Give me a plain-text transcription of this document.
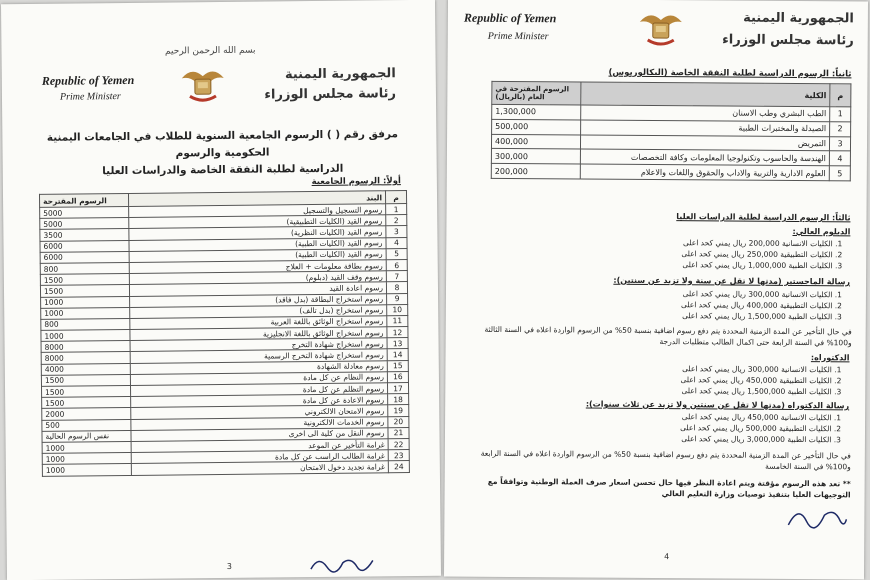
بسم الله الرحمن الرحيم
Republic of Yemen
Prime Minister
الجمهورية اليمنية
رئاسة مجلس الوزراء
مرفق رقم ( ) الرسوم الجامعية السنوية للطلاب في الجامعات اليمنية الحكومية والرسوم
الدراسية لطلبة النفقة الخاصة والدراسات العليا
أولاً: الرسوم الجامعية
الرسوم المقترحة	البند	م
5000	رسوم التسجيل والتسجيل	1
5000	رسوم القيد (الكليات التطبيقية)	2
3500	رسوم القيد (الكليات النظرية)	3
6000	رسوم القيد (الكليات الطبية)	4
6000	رسوم القيد (الكليات الطبية)	5
800	رسوم بطاقة معلومات + العلاج	6
1500	رسوم وقف القيد (دبلوم)	7
1500	رسوم اعادة القيد	8
1000	رسوم استخراج البطاقة (بدل فاقد)	9
1000	رسوم استخراج (بدل تالف)	10
800	رسوم استخراج الوثائق باللغة العربية	11
1000	رسوم استخراج الوثائق باللغة الانجليزية	12
8000	رسوم استخراج شهادة التخرج	13
8000	رسوم استخراج شهادة التخرج الرسمية	14
4000	رسوم معادلة الشهادة	15
1500	رسوم النظام عن كل مادة	16
1500	رسوم التظلم عن كل مادة	17
1500	رسوم الاعادة عن كل مادة	18
2000	رسوم الامتحان الالكتروني	19
500	رسوم الخدمات الالكترونية	20
نفس الرسوم الحالية	رسوم النقل من كلية الى اخرى	21
1000	غرامة التأخير عن الموعد	22
1000	غرامة الطالب الراسب عن كل مادة	23
1000	غرامة تجديد دخول الامتحان	24
3
Republic of Yemen
Prime Minister
الجمهورية اليمنية
رئاسة مجلس الوزراء
ثانياً: الرسوم الدراسية لطلبة النفقة الخاصة (البكالوريوس)
الرسوم المقترحة في العام (بالريال)	الكلية	م
1,300,000	الطب البشري وطب الاسنان	1
500,000	الصيدلة والمختبرات الطبية	2
400,000	التمريض	3
300,000	الهندسة والحاسوب وتكنولوجيا المعلومات وكافة التخصصات	4
200,000	العلوم الادارية والتربية والاداب والحقوق واللغات والاعلام	5
ثالثاً: الرسوم الدراسية لطلبة الدراسات العليا
الدبلوم العالي:
1. الكليات الانسانية 200,000 ريال يمني كحد اعلى
2. الكليات التطبيقية 250,000 ريال يمني كحد اعلى
3. الكليات الطبية 1,000,000 ريال يمني كحد اعلى
رسالة الماجستير (مدتها لا تقل عن سنة ولا تزيد عن سنتين):
1. الكليات الانسانية 300,000 ريال يمني كحد اعلى
2. الكليات التطبيقية 400,000 ريال يمني كحد اعلى
3. الكليات الطبية 1,500,000 ريال يمني كحد اعلى
في حال التأخير عن المدة الزمنية المحددة يتم دفع رسوم اضافية بنسبة 50% من الرسوم الواردة اعلاه في السنة الثالثة و100% في السنة الرابعة حتى اكمال الطالب متطلبات الدرجة
الدكتوراه:
1. الكليات الانسانية 300,000 ريال يمني كحد اعلى
2. الكليات التطبيقية 450,000 ريال يمني كحد اعلى
3. الكليات الطبية 1,500,000 ريال يمني كحد اعلى
رسالة الدكتوراه (مدتها لا تقل عن سنتين ولا تزيد عن ثلاث سنوات):
1. الكليات الانسانية 450,000 ريال يمني كحد اعلى
2. الكليات التطبيقية 500,000 ريال يمني كحد اعلى
3. الكليات الطبية 3,000,000 ريال يمني كحد اعلى
في حال التأخير عن المدة الزمنية المحددة يتم دفع رسوم اضافية بنسبة 50% من الرسوم الواردة اعلاه في السنة الرابعة و100% في السنة الخامسة
** تعد هذه الرسوم مؤقتة ويتم اعادة النظر فيها حال تحسن اسعار صرف العملة الوطنية وتوافقاً مع التوجيهات العليا بتنفيذ توصيات وزارة التعليم العالي
4
